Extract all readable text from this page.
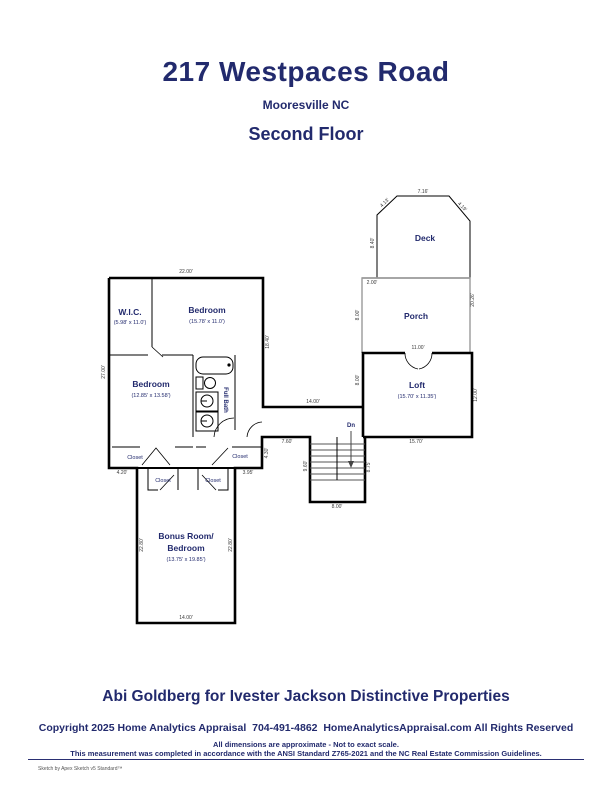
217 Westpaces Road
Mooresville NC
Second Floor
W.I.C.
(5.98' x 11.0')
Bedroom
(15.78' x 11.0')
Bedroom
(12.85' x 13.58')	Full Bath
Loft
(15.70' x 11.35')
Porch
Deck
Bonus Room/
Bedroom
(13.75' x 19.85')
Closet	Closet
Closet	Closet
Dn
22.00'
27.00'
18.40'
14.00'
7.16'
4.13'	4.19'
8.40'
2.00'
8.00'
20.26'
11.00'
8.00'
12.00'
15.70'
7.60'
9.60'	8.75'
8.00'
4.20'	3.95'
4.30'
22.80'	22.80'
14.00'
Abi Goldberg for Ivester Jackson Distinctive Properties
Copyright 2025 Home Analytics Appraisal  704-491-4862  HomeAnalyticsAppraisal.com All Rights Reserved
All dimensions are approximate - Not to exact scale.
This measurement was completed in accordance with the ANSI Standard Z765-2021 and the NC Real Estate Commission Guidelines.
Sketch by Apex Sketch v5 Standard™
